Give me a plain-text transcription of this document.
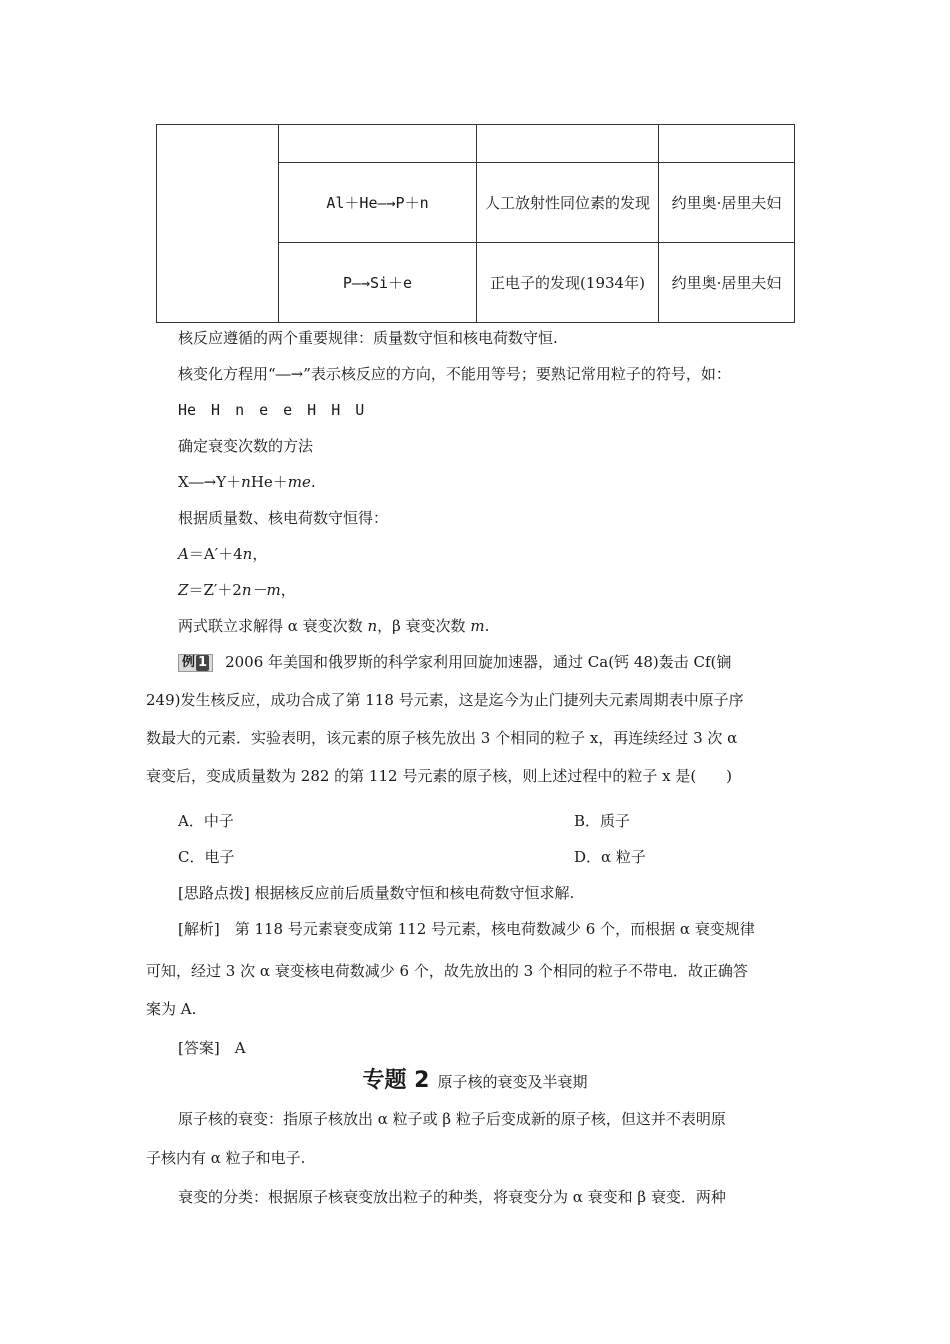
	Al＋He―→P＋n	人工放射性同位素的发现	约里奥·居里夫妇
	P―→Si＋e	正电子的发现(1934年)	约里奥·居里夫妇
核反应遵循的两个重要规律：质量数守恒和核电荷数守恒.
核变化方程用“―→”表示核反应的方向，不能用等号；要熟记常用粒子的符号，如：
He　H　n　e　e　H　H　U
确定衰变次数的方法
X―→Y＋nHe＋me.
根据质量数、核电荷数守恒得：
A＝A′＋4n，
Z＝Z′＋2n－m，
两式联立求解得 α 衰变次数 n，β 衰变次数 m.
例 1 2006 年美国和俄罗斯的科学家利用回旋加速器，通过 Ca(钙 48)轰击 Cf(锎
249)发生核反应，成功合成了第 118 号元素，这是迄今为止门捷列夫元素周期表中原子序
数最大的元素．实验表明，该元素的原子核先放出 3 个相同的粒子 x，再连续经过 3 次 α
衰变后，变成质量数为 282 的第 112 号元素的原子核，则上述过程中的粒子 x 是(　　)
A．中子	B．质子
C．电子	D．α 粒子
[思路点拨] 根据核反应前后质量数守恒和核电荷数守恒求解.
[解析]　第 118 号元素衰变成第 112 号元素，核电荷数减少 6 个，而根据 α 衰变规律
可知，经过 3 次 α 衰变核电荷数减少 6 个，故先放出的 3 个相同的粒子不带电．故正确答
案为 A.
[答案]　A
专题 2 原子核的衰变及半衰期
原子核的衰变：指原子核放出 α 粒子或 β 粒子后变成新的原子核，但这并不表明原
子核内有 α 粒子和电子.
衰变的分类：根据原子核衰变放出粒子的种类，将衰变分为 α 衰变和 β 衰变．两种
